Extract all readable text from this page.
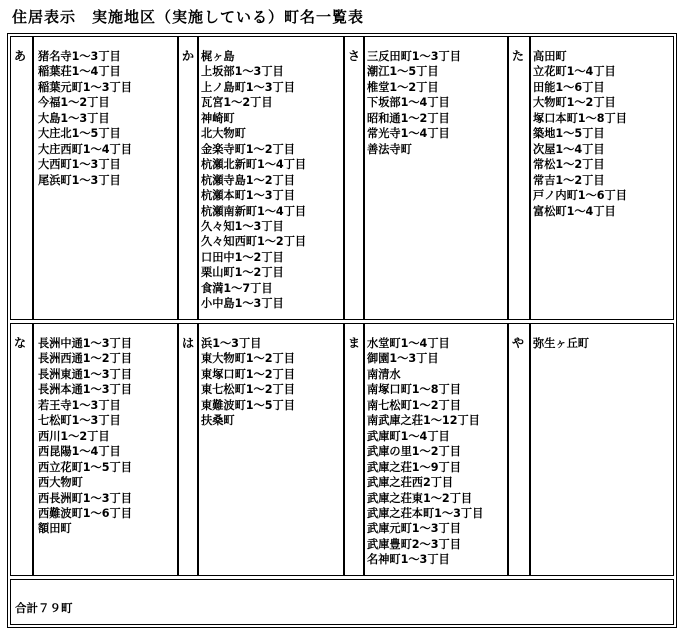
住居表示　実施地区（実施している）町名一覧表
あ	猪名寺1～3丁目
稲葉荘1～4丁目
稲葉元町1～3丁目
今福1～2丁目
大島1～3丁目
大庄北1～5丁目
大庄西町1～4丁目
大西町1～3丁目
尾浜町1～3丁目
か 梶ヶ島
上坂部1～3丁目
上ノ島町1～3丁目
瓦宮1～2丁目
神崎町
北大物町
金楽寺町1～2丁目
杭瀬北新町1～4丁目
杭瀬寺島1～2丁目
杭瀬本町1～3丁目
杭瀬南新町1～4丁目
久々知1～3丁目
久々知西町1～2丁目
口田中1～2丁目
栗山町1～2丁目
食満1～7丁目
小中島1～3丁目
さ 三反田町1～3丁目
潮江1～5丁目
椎堂1～2丁目
下坂部1～4丁目
昭和通1～2丁目
常光寺1～4丁目
善法寺町
た 高田町
立花町1～4丁目
田能1～6丁目
大物町1～2丁目
塚口本町1～8丁目
築地1～5丁目
次屋1～4丁目
常松1～2丁目
常吉1～2丁目
戸ノ内町1～6丁目
富松町1～4丁目
な	長洲中通1～3丁目
長洲西通1～2丁目
長洲東通1～3丁目
長洲本通1～3丁目
若王寺1～3丁目
七松町1～3丁目
西川1～2丁目
西昆陽1～4丁目
西立花町1～5丁目
西大物町
西長洲町1～3丁目
西難波町1～6丁目
額田町
は 浜1～3丁目
東大物町1～2丁目
東塚口町1～2丁目
東七松町1～2丁目
東難波町1～5丁目
扶桑町
ま 水堂町1～4丁目
御園1～3丁目
南清水
南塚口町1～8丁目
南七松町1～2丁目
南武庫之荘1～12丁目
武庫町1～4丁目
武庫の里1～2丁目
武庫之荘1～9丁目
武庫之荘西2丁目
武庫之荘東1～2丁目
武庫之荘本町1～3丁目
武庫元町1～3丁目
武庫豊町2～3丁目
名神町1～3丁目
や 弥生ヶ丘町
合計７９町
